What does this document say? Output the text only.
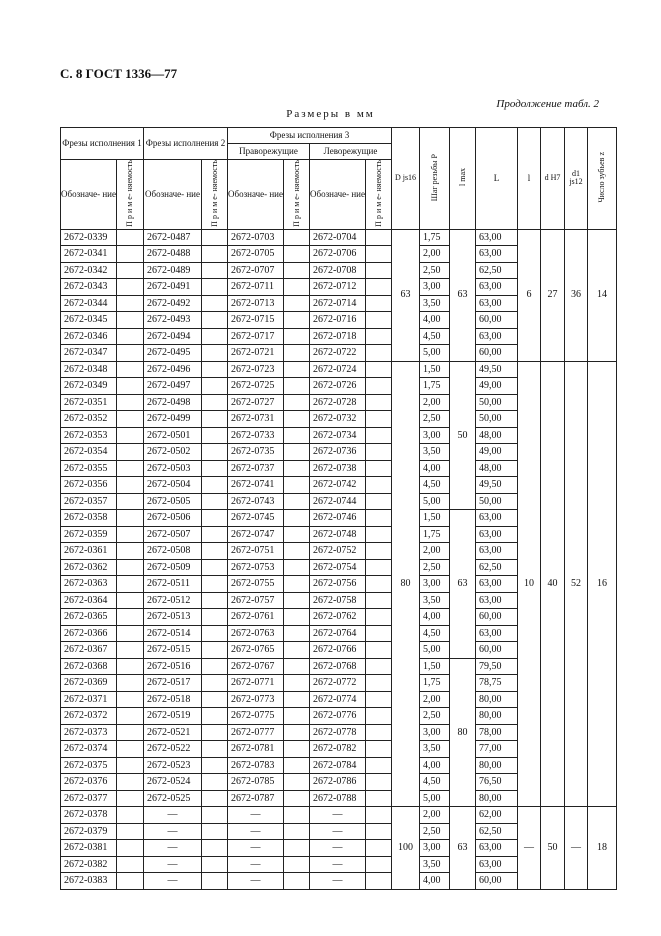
С. 8 ГОСТ 1336—77
Продолжение табл. 2
Размеры в мм
Фрезы исполнения 1		Фрезы исполнения 2		Фрезы исполнения 3				D js16	Шаг резьбы P	l max	L	l	d H7	d1 js12	Число зубьев z
				Праворежущие		Леворежущие									
Обозначе- ние	П р и м е- няемость	Обозначе- ние	П р и м е- няемость	Обозначе- ние	П р и м е- няемость	Обозначе- ние	П р и м е- няемость								
2672-0339		2672-0487		2672-0703		2672-0704		63	1,75	63	63,00	6	27	36	14
2672-0341		2672-0488		2672-0705		2672-0706			2,00		63,00				
2672-0342		2672-0489		2672-0707		2672-0708			2,50		62,50				
2672-0343		2672-0491		2672-0711		2672-0712			3,00		63,00				
2672-0344		2672-0492		2672-0713		2672-0714			3,50		63,00				
2672-0345		2672-0493		2672-0715		2672-0716			4,00		60,00				
2672-0346		2672-0494		2672-0717		2672-0718			4,50		63,00				
2672-0347		2672-0495		2672-0721		2672-0722			5,00		60,00				
2672-0348		2672-0496		2672-0723		2672-0724		80	1,50	50	49,50	10	40	52	16
2672-0349		2672-0497		2672-0725		2672-0726			1,75		49,00				
2672-0351		2672-0498		2672-0727		2672-0728			2,00		50,00				
2672-0352		2672-0499		2672-0731		2672-0732			2,50		50,00				
2672-0353		2672-0501		2672-0733		2672-0734			3,00		48,00				
2672-0354		2672-0502		2672-0735		2672-0736			3,50		49,00				
2672-0355		2672-0503		2672-0737		2672-0738			4,00		48,00				
2672-0356		2672-0504		2672-0741		2672-0742			4,50		49,50				
2672-0357		2672-0505		2672-0743		2672-0744			5,00		50,00				
2672-0358		2672-0506		2672-0745		2672-0746			1,50	63	63,00				
2672-0359		2672-0507		2672-0747		2672-0748			1,75		63,00				
2672-0361		2672-0508		2672-0751		2672-0752			2,00		63,00				
2672-0362		2672-0509		2672-0753		2672-0754			2,50		62,50				
2672-0363		2672-0511		2672-0755		2672-0756			3,00		63,00				
2672-0364		2672-0512		2672-0757		2672-0758			3,50		63,00				
2672-0365		2672-0513		2672-0761		2672-0762			4,00		60,00				
2672-0366		2672-0514		2672-0763		2672-0764			4,50		63,00				
2672-0367		2672-0515		2672-0765		2672-0766			5,00		60,00				
2672-0368		2672-0516		2672-0767		2672-0768			1,50	80	79,50				
2672-0369		2672-0517		2672-0771		2672-0772			1,75		78,75				
2672-0371		2672-0518		2672-0773		2672-0774			2,00		80,00				
2672-0372		2672-0519		2672-0775		2672-0776			2,50		80,00				
2672-0373		2672-0521		2672-0777		2672-0778			3,00		78,00				
2672-0374		2672-0522		2672-0781		2672-0782			3,50		77,00				
2672-0375		2672-0523		2672-0783		2672-0784			4,00		80,00				
2672-0376		2672-0524		2672-0785		2672-0786			4,50		76,50				
2672-0377		2672-0525		2672-0787		2672-0788			5,00		80,00				
2672-0378		—		—		—		100	2,00	63	62,00	—	50	—	18
2672-0379		—		—		—			2,50		62,50				
2672-0381		—		—		—			3,00		63,00				
2672-0382		—		—		—			3,50		63,00				
2672-0383		—		—		—			4,00		60,00				
